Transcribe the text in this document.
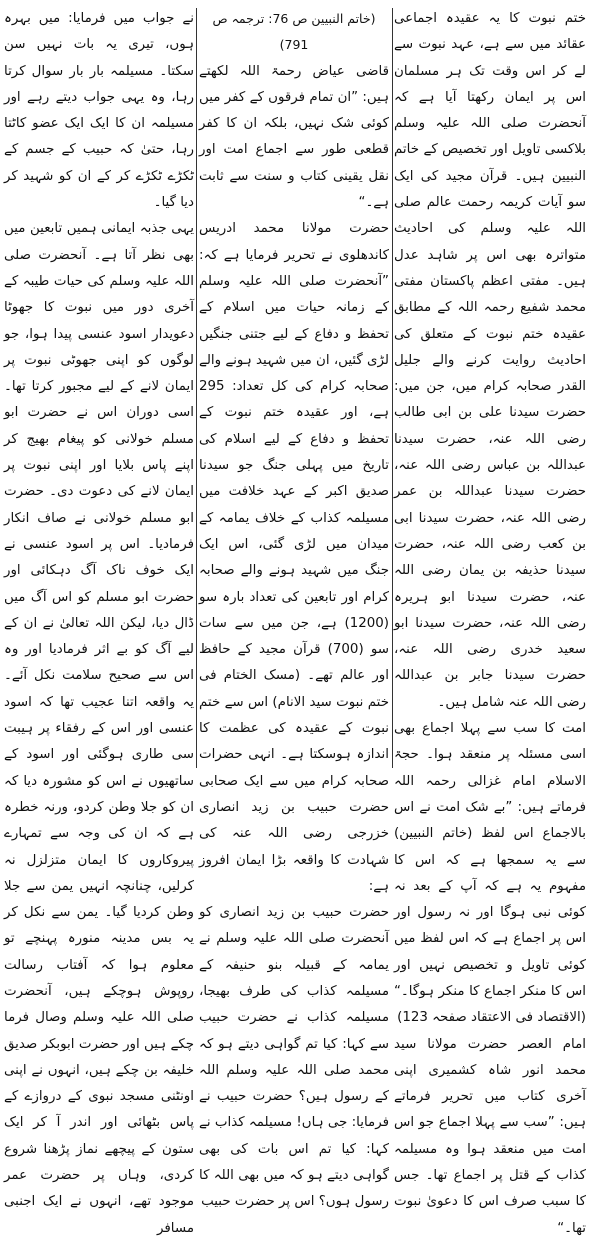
ختم نبوت کا یہ عقیدہ اجماعی عقائد میں سے ہے، عہد نبوت سے لے کر اس وقت تک ہر مسلمان اس پر ایمان رکھتا آیا ہے کہ آنحضرت صلی اللہ علیہ وسلم بلاکسی تاویل اور تخصیص کے خاتم النبیین ہیں۔ قرآن مجید کی ایک سو آیات کریمہ رحمت عالم صلی اللہ علیہ وسلم کی احادیث متواترہ بھی اس پر شاہد عدل ہیں۔ مفتی اعظم پاکستان مفتی محمد شفیع رحمہ اللہ کے مطابق عقیدہ ختم نبوت کے متعلق کی احادیث روایت کرنے والے جلیل القدر صحابہ کرام میں، جن میں: حضرت سیدنا علی بن ابی طالب رضی اللہ عنہ، حضرت سیدنا عبداللہ بن عباس رضی اللہ عنہ، حضرت سیدنا عبداللہ بن عمر رضی اللہ عنہ، حضرت سیدنا ابی بن کعب رضی اللہ عنہ، حضرت سیدنا حذیفہ بن یمان رضی اللہ عنہ، حضرت سیدنا ابو ہریرہ رضی اللہ عنہ، حضرت سیدنا ابو سعید خدری رضی اللہ عنہ، حضرت سیدنا جابر بن عبداللہ رضی اللہ عنہ شامل ہیں۔

امت کا سب سے پہلا اجماع بھی اسی مسئلہ پر منعقد ہوا۔ حجۃ الاسلام امام غزالی رحمہ اللہ فرماتے ہیں: ”بے شک امت نے اس بالاجماع اس لفظ (خاتم النبیین) سے یہ سمجھا ہے کہ اس کا مفہوم یہ ہے کہ آپ کے بعد نہ کوئی نبی ہوگا اور نہ رسول اور اس پر اجماع ہے کہ اس لفظ میں کوئی تاویل و تخصیص نہیں اور اس کا منکر اجماع کا منکر ہوگا۔“ (الاقتصاد فی الاعتقاد صفحہ 123)

امام العصر حضرت مولانا سید محمد انور شاہ کشمیری اپنی آخری کتاب میں تحریر فرماتے ہیں: ”سب سے پہلا اجماع جو اس امت میں منعقد ہوا وہ مسیلمہ کذاب کے قتل پر اجماع تھا۔ جس کا سبب صرف اس کا دعویٰ نبوت تھا۔“

(خاتم النبیین ص 76: ترجمہ ص 791)

قاضی عیاض رحمۃ اللہ لکھتے ہیں: ”ان تمام فرقوں کے کفر میں کوئی شک نہیں، بلکہ ان کا کفر قطعی طور سے اجماع امت اور نقل یقینی کتاب و سنت سے ثابت ہے۔“

حضرت مولانا محمد ادریس کاندھلوی نے تحریر فرمایا ہے کہ: ”آنحضرت صلی اللہ علیہ وسلم کے زمانہ حیات میں اسلام کے تحفظ و دفاع کے لیے جتنی جنگیں لڑی گئیں، ان میں شہید ہونے والے صحابہ کرام کی کل تعداد: 295 ہے، اور عقیدہ ختم نبوت کے تحفظ و دفاع کے لیے اسلام کی تاریخ میں پہلی جنگ جو سیدنا صدیق اکبر کے عہد خلافت میں مسیلمہ کذاب کے خلاف یمامہ کے میدان میں لڑی گئی، اس ایک جنگ میں شہید ہونے والے صحابہ کرام اور تابعین کی تعداد بارہ سو (1200) ہے، جن میں سے سات سو (700) قرآن مجید کے حافظ اور عالم تھے۔ (مسک الختام فی ختم نبوت سید الانام) اس سے ختم نبوت کے عقیدہ کی عظمت کا اندازہ ہوسکتا ہے۔ انہی حضرات صحابہ کرام میں سے ایک صحابی حضرت حبیب بن زید انصاری خزرجی رضی اللہ عنہ کی شہادت کا واقعہ بڑا ایمان افروز ہے:

حضرت حبیب بن زید انصاری کو آنحضرت صلی اللہ علیہ وسلم نے یمامہ کے قبیلہ بنو حنیفہ کے مسیلمہ کذاب کی طرف بھیجا، مسیلمہ کذاب نے حضرت حبیب سے کہا: کیا تم گواہی دیتے ہو کہ محمد صلی اللہ علیہ وسلم اللہ کے رسول ہیں؟ حضرت حبیب نے فرمایا: جی ہاں! مسیلمہ کذاب نے کہا: کیا تم اس بات کی بھی گواہی دیتے ہو کہ میں بھی اللہ کا رسول ہوں؟ اس پر حضرت حبیب

نے جواب میں فرمایا: میں بہرہ ہوں، تیری یہ بات نہیں سن سکتا۔ مسیلمہ بار بار سوال کرتا رہا، وہ یہی جواب دیتے رہے اور مسیلمہ ان کا ایک ایک عضو کاٹتا رہا، حتیٰ کہ حبیب کے جسم کے ٹکڑے ٹکڑے کر کے ان کو شہید کر دیا گیا۔

یہی جذبہ ایمانی ہمیں تابعین میں بھی نظر آتا ہے۔ آنحضرت صلی اللہ علیہ وسلم کی حیات طیبہ کے آخری دور میں نبوت کا جھوٹا دعویدار اسود عنسی پیدا ہوا، جو لوگوں کو اپنی جھوٹی نبوت پر ایمان لانے کے لیے مجبور کرتا تھا۔ اسی دوران اس نے حضرت ابو مسلم خولانی کو پیغام بھیج کر اپنے پاس بلایا اور اپنی نبوت پر ایمان لانے کی دعوت دی۔ حضرت ابو مسلم خولانی نے صاف انکار فرمادیا۔ اس پر اسود عنسی نے ایک خوف ناک آگ دہکائی اور حضرت ابو مسلم کو اس آگ میں ڈال دیا، لیکن اللہ تعالیٰ نے ان کے لیے آگ کو بے اثر فرمادیا اور وہ اس سے صحیح سلامت نکل آئے۔ یہ واقعہ اتنا عجیب تھا کہ اسود عنسی اور اس کے رفقاء پر ہیبت سی طاری ہوگئی اور اسود کے ساتھیوں نے اس کو مشورہ دیا کہ ان کو جلا وطن کردو، ورنہ خطرہ ہے کہ ان کی وجہ سے تمہارے پیروکاروں کا ایمان متزلزل نہ کرلیں، چنانچہ انہیں یمن سے جلا وطن کردیا گیا۔ یمن سے نکل کر یہ بس مدینہ منورہ پہنچے تو معلوم ہوا کہ آفتاب رسالت روپوش ہوچکے ہیں، آنحضرت صلی اللہ علیہ وسلم وصال فرما چکے ہیں اور حضرت ابوبکر صدیق خلیفہ بن چکے ہیں، انہوں نے اپنی اونٹنی مسجد نبوی کے دروازے کے پاس بٹھائی اور اندر آ کر ایک ستون کے پیچھے نماز پڑھنا شروع کردی، وہاں پر حضرت عمر موجود تھے، انہوں نے ایک اجنبی مسافر
